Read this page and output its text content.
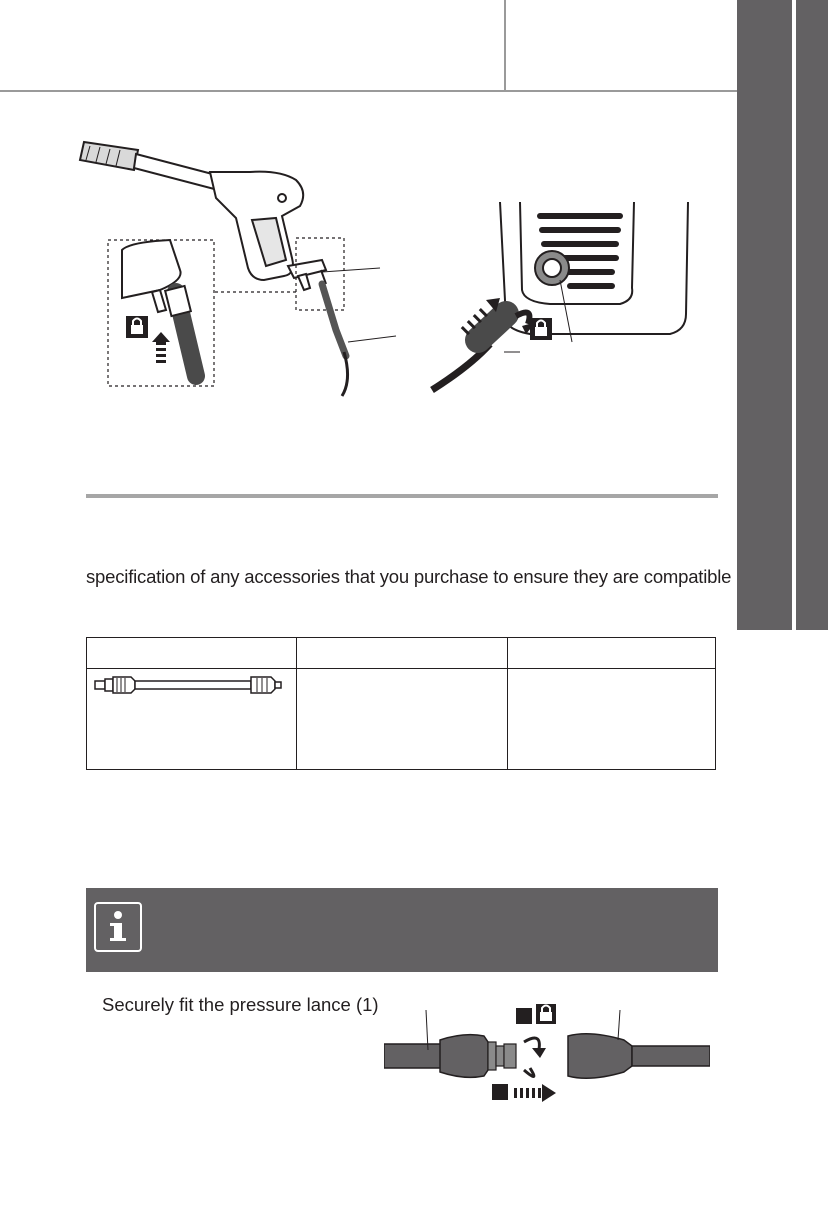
specification of any accessories that you purchase to ensure they are compatible

Securely fit the pressure lance (1)
